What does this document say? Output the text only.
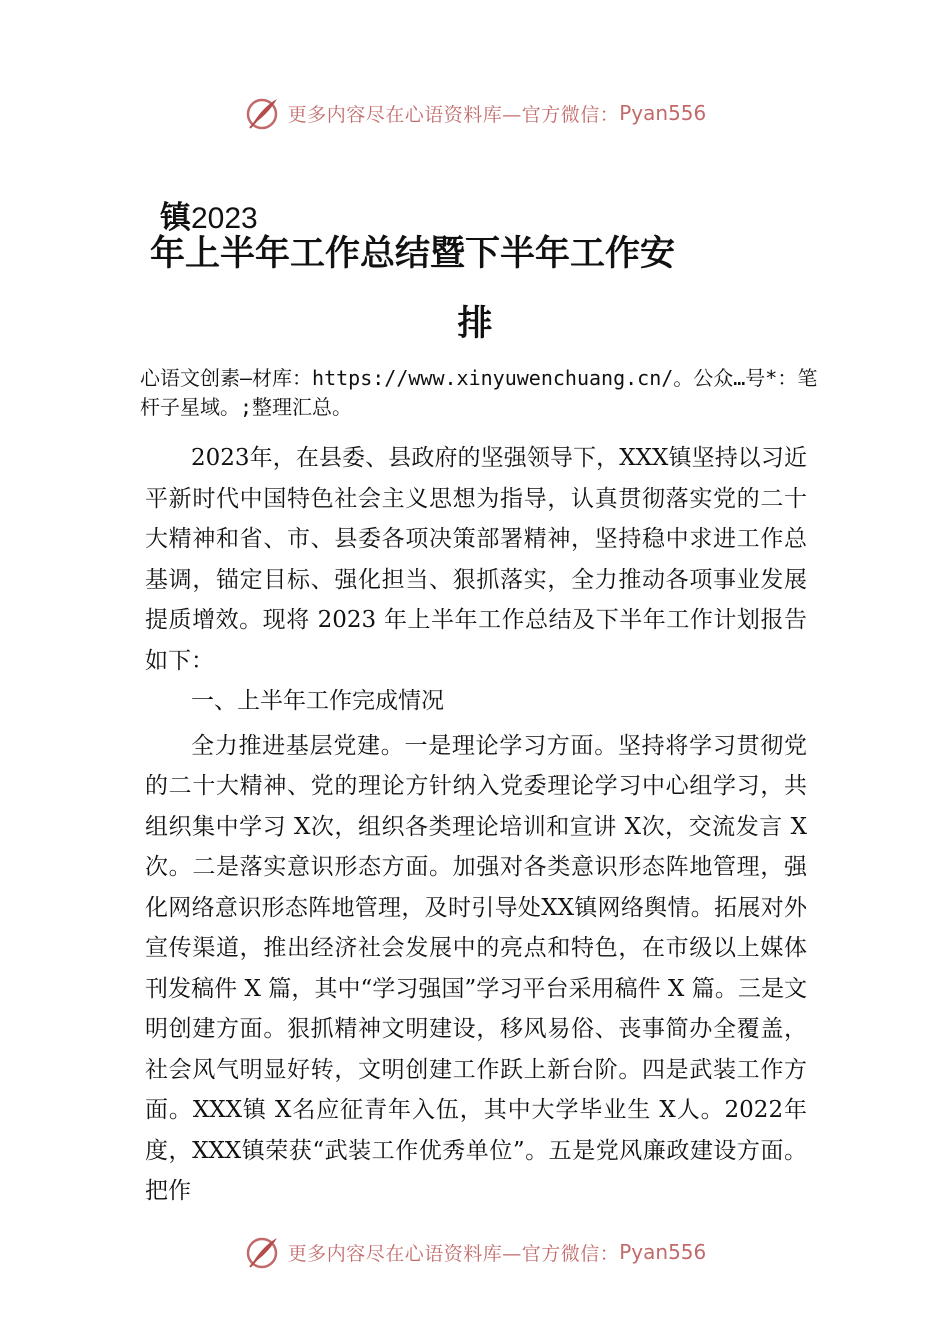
更多内容尽在心语资料库—官方微信： Pyan556
镇2023
年上半年工作总结暨下半年工作安
排
心语文创素—材库：https://www.xinyuwenchuang.cn/。公众…号*：笔杆子星域。;整理汇总。

2023年，在县委、县政府的坚强领导下，XXX镇坚持以习近平新时代中国特色社会主义思想为指导，认真贯彻落实党的二十大精神和省、市、县委各项决策部署精神，坚持稳中求进工作总基调，锚定目标、强化担当、狠抓落实，全力推动各项事业发展提质增效。现将 2023 年上半年工作总结及下半年工作计划报告如下：

一、上半年工作完成情况

全力推进基层党建。一是理论学习方面。坚持将学习贯彻党的二十大精神、党的理论方针纳入党委理论学习中心组学习，共组织集中学习 X次，组织各类理论培训和宣讲 X次，交流发言 X次。二是落实意识形态方面。加强对各类意识形态阵地管理，强化网络意识形态阵地管理，及时引导处XX镇网络舆情。拓展对外宣传渠道，推出经济社会发展中的亮点和特色，在市级以上媒体刊发稿件 X 篇，其中“学习强国”学习平台采用稿件 X 篇。三是文明创建方面。狠抓精神文明建设，移风易俗、丧事简办全覆盖，社会风气明显好转，文明创建工作跃上新台阶。四是武装工作方面。XXX镇 X名应征青年入伍，其中大学毕业生 X人。2022年度，XXX镇荣获“武装工作优秀单位”。五是党风廉政建设方面。把作

更多内容尽在心语资料库—官方微信： Pyan556
